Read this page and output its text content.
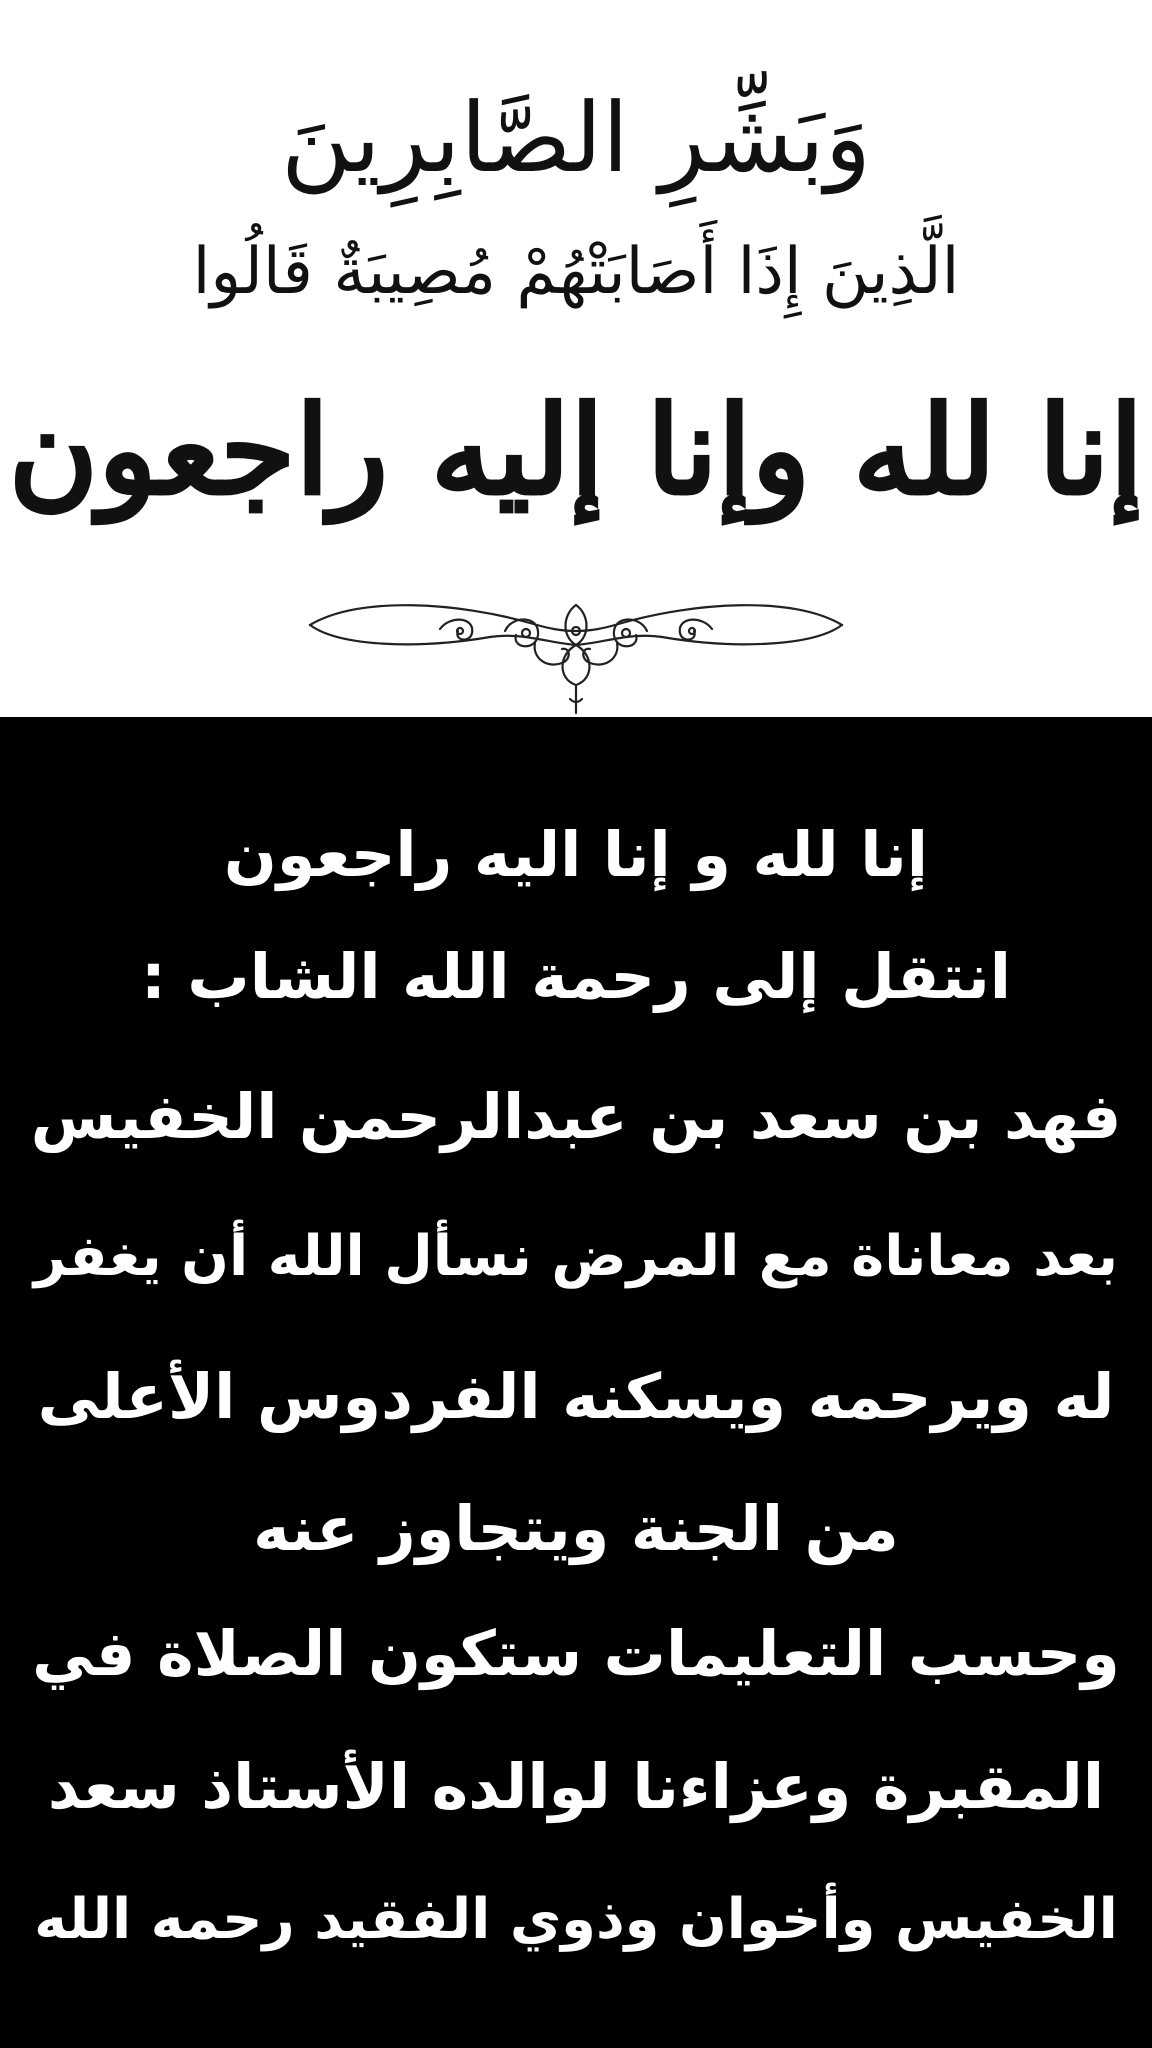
وَبَشِّرِ الصَّابِرِينَ
الَّذِينَ إِذَا أَصَابَتْهُمْ مُصِيبَةٌ قَالُوا
إنا لله وإنا إليه راجعون
إنا لله و إنا اليه راجعون
انتقل إلى رحمة الله الشاب :
فهد بن سعد بن عبدالرحمن الخفيس
بعد معاناة مع المرض نسأل الله أن يغفر
له ويرحمه ويسكنه الفردوس الأعلى
من الجنة ويتجاوز عنه
وحسب التعليمات ستكون الصلاة في
المقبرة وعزاءنا لوالده الأستاذ سعد
الخفيس وأخوان وذوي الفقيد رحمه الله
